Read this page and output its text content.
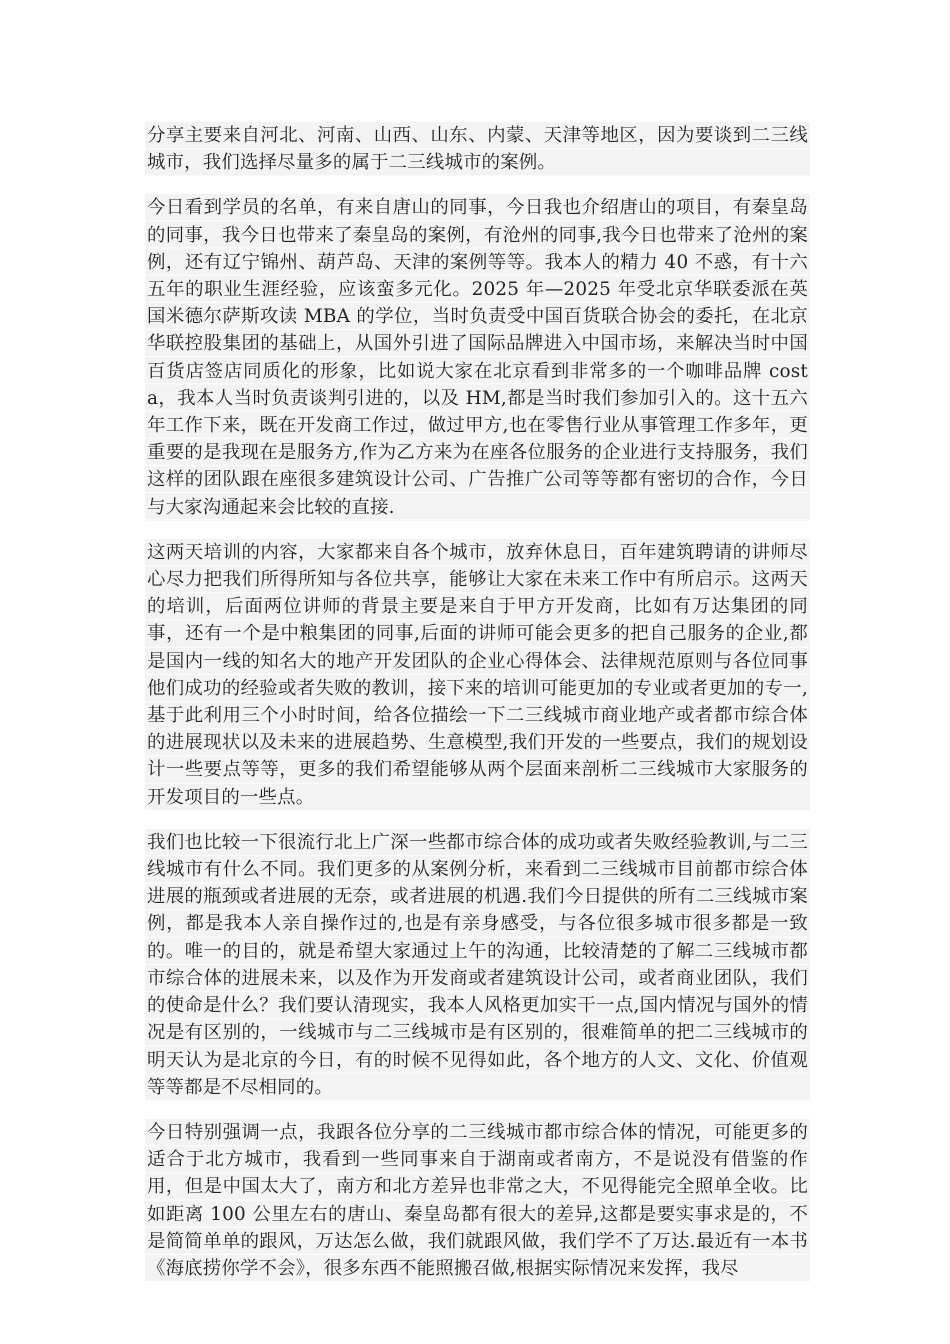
分享主要来自河北、河南、山西、山东、内蒙、天津等地区，因为要谈到二三线城市，我们选择尽量多的属于二三线城市的案例。

今日看到学员的名单，有来自唐山的同事，今日我也介绍唐山的项目，有秦皇岛的同事，我今日也带来了秦皇岛的案例，有沧州的同事,我今日也带来了沧州的案例，还有辽宁锦州、葫芦岛、天津的案例等等。我本人的精力 40 不惑，有十六五年的职业生涯经验，应该蛮多元化。2025 年—2025 年受北京华联委派在英国米德尔萨斯攻读 MBA 的学位，当时负责受中国百货联合协会的委托，在北京华联控股集团的基础上，从国外引进了国际品牌进入中国市场，来解决当时中国百货店签店同质化的形象，比如说大家在北京看到非常多的一个咖啡品牌 costa，我本人当时负责谈判引进的，以及 HM,都是当时我们参加引入的。这十五六年工作下来，既在开发商工作过，做过甲方,也在零售行业从事管理工作多年，更重要的是我现在是服务方,作为乙方来为在座各位服务的企业进行支持服务，我们这样的团队跟在座很多建筑设计公司、广告推广公司等等都有密切的合作，今日与大家沟通起来会比较的直接.

这两天培训的内容，大家都来自各个城市，放弃休息日，百年建筑聘请的讲师尽心尽力把我们所得所知与各位共享，能够让大家在未来工作中有所启示。这两天的培训，后面两位讲师的背景主要是来自于甲方开发商，比如有万达集团的同事，还有一个是中粮集团的同事,后面的讲师可能会更多的把自己服务的企业,都是国内一线的知名大的地产开发团队的企业心得体会、法律规范原则与各位同事他们成功的经验或者失败的教训，接下来的培训可能更加的专业或者更加的专一,基于此利用三个小时时间，给各位描绘一下二三线城市商业地产或者都市综合体的进展现状以及未来的进展趋势、生意模型,我们开发的一些要点，我们的规划设计一些要点等等，更多的我们希望能够从两个层面来剖析二三线城市大家服务的开发项目的一些点。

我们也比较一下很流行北上广深一些都市综合体的成功或者失败经验教训,与二三线城市有什么不同。我们更多的从案例分析，来看到二三线城市目前都市综合体进展的瓶颈或者进展的无奈，或者进展的机遇.我们今日提供的所有二三线城市案例，都是我本人亲自操作过的,也是有亲身感受，与各位很多城市很多都是一致的。唯一的目的，就是希望大家通过上午的沟通，比较清楚的了解二三线城市都市综合体的进展未来，以及作为开发商或者建筑设计公司，或者商业团队，我们的使命是什么？我们要认清现实，我本人风格更加实干一点,国内情况与国外的情况是有区别的，一线城市与二三线城市是有区别的，很难简单的把二三线城市的明天认为是北京的今日，有的时候不见得如此，各个地方的人文、文化、价值观等等都是不尽相同的。

今日特别强调一点，我跟各位分享的二三线城市都市综合体的情况，可能更多的适合于北方城市，我看到一些同事来自于湖南或者南方，不是说没有借鉴的作用，但是中国太大了，南方和北方差异也非常之大，不见得能完全照单全收。比如距离 100 公里左右的唐山、秦皇岛都有很大的差异,这都是要实事求是的，不是简简单单的跟风，万达怎么做，我们就跟风做，我们学不了万达.最近有一本书《海底捞你学不会》，很多东西不能照搬召做,根据实际情况来发挥，我尽
